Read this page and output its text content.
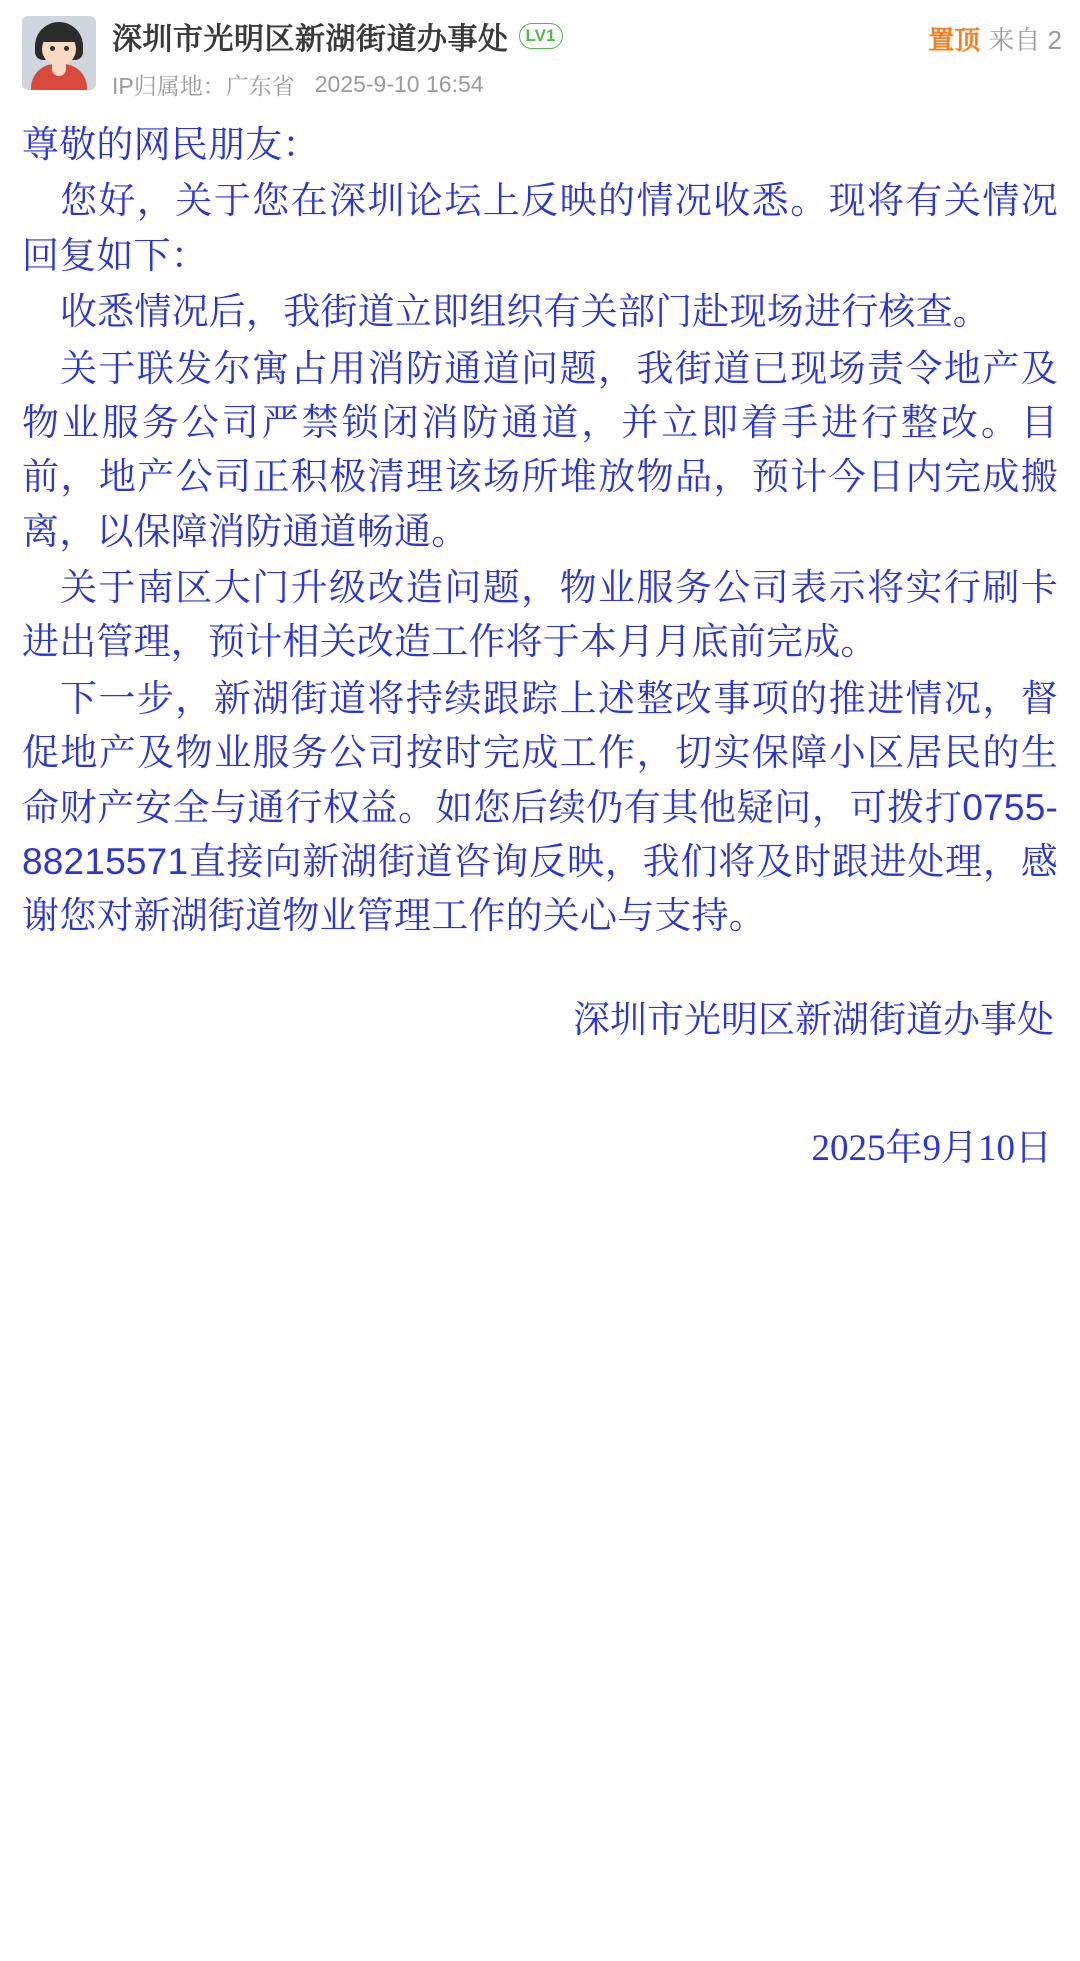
深圳市光明区新湖街道办事处	LV1
IP归属地：广东省 2025-9-10 16:54
置顶 来自 2

尊敬的网民朋友：

您好，关于您在深圳论坛上反映的情况收悉。现将有关情况回复如下：

收悉情况后，我街道立即组织有关部门赴现场进行核查。

关于联发尔寓占用消防通道问题，我街道已现场责令地产及物业服务公司严禁锁闭消防通道，并立即着手进行整改。目前，地产公司正积极清理该场所堆放物品，预计今日内完成搬离，以保障消防通道畅通。

关于南区大门升级改造问题，物业服务公司表示将实行刷卡进出管理，预计相关改造工作将于本月月底前完成。

下一步，新湖街道将持续跟踪上述整改事项的推进情况，督促地产及物业服务公司按时完成工作，切实保障小区居民的生命财产安全与通行权益。如您后续仍有其他疑问，可拨打0755-88215571直接向新湖街道咨询反映，我们将及时跟进处理，感谢您对新湖街道物业管理工作的关心与支持。

深圳市光明区新湖街道办事处
2025年9月10日
